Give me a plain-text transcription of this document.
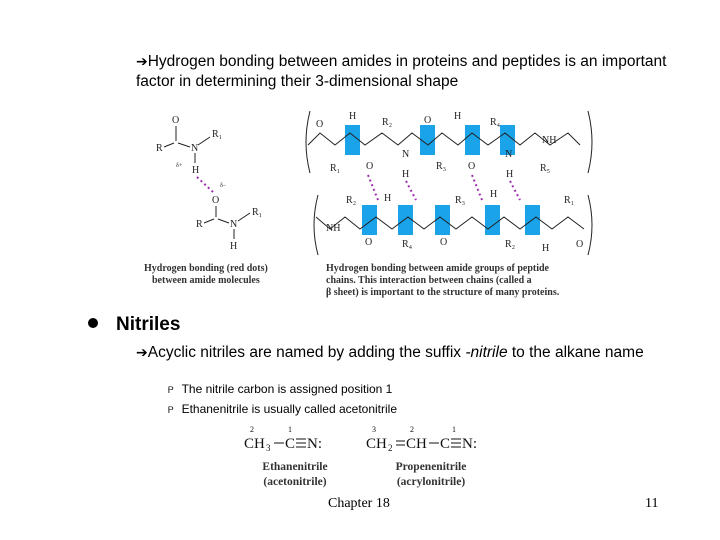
➔Hydrogen bonding between amides in proteins and peptides is an important factor in determining their 3-dimensional shape
O
R	N
R₁
H
δ+
δ−
O
R	N
R₁
H
O
H
R₂	O H
R₄
NH
R₁	O
N
R₃ O
N
R₅
H	H
R₂	H	R₃
H
R₁
NH
O	R₄	O	R₂	H	O
Hydrogen bonding (red dots)
between amide molecules
Hydrogen bonding between amide groups of peptide
chains. This interaction between chains (called a
β sheet) is important to the structure of many proteins.
Nitriles
➔Acyclic nitriles are named by adding the suffix -nitrile to the alkane name
Ꮲ The nitrile carbon is assigned position 1
Ꮲ Ethanenitrile is usually called acetonitrile
2	1
CH 3 C N:
3	2	1
CH 2 CH C N:
Ethanenitrile
(acetonitrile)
Propenenitrile
(acrylonitrile)
Chapter 18	11
